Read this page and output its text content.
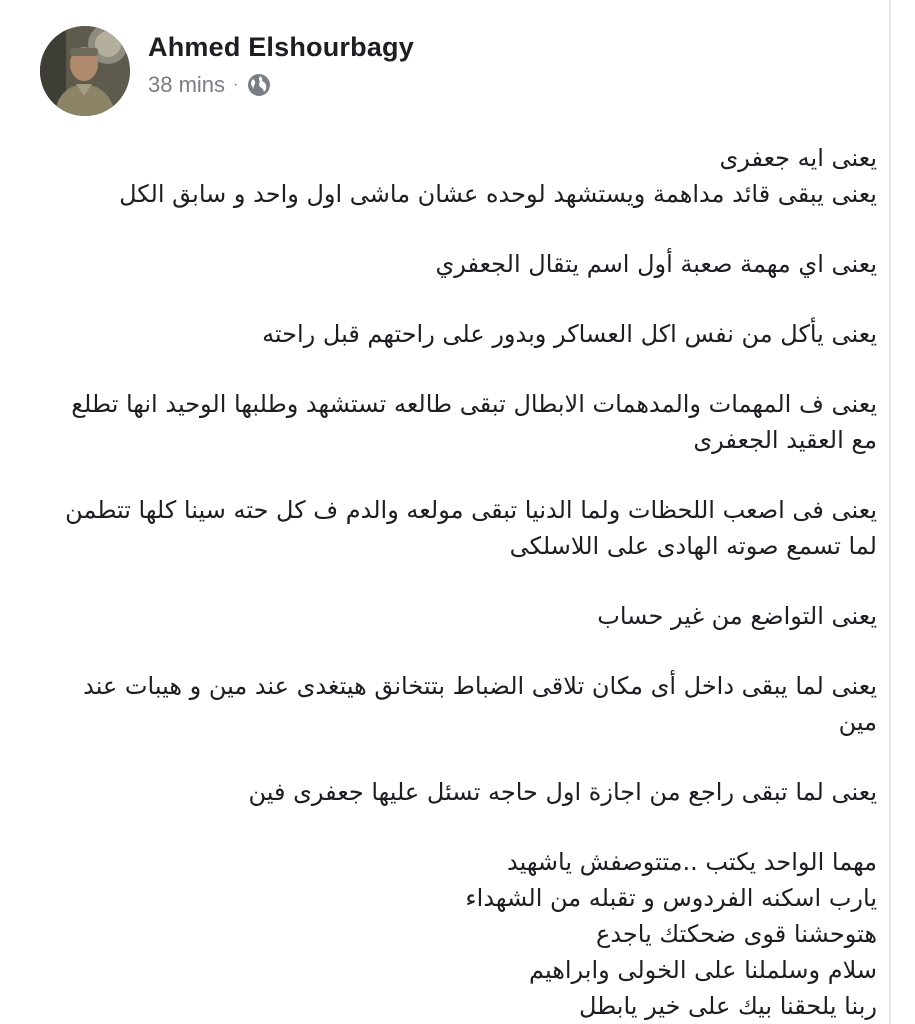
Ahmed Elshourbagy
38 mins ·
يعنى ايه جعفرى
يعنى يبقى قائد مداهمة ويستشهد لوحده عشان ماشى اول واحد و سابق الكل
يعنى اي مهمة صعبة أول اسم يتقال الجعفري
يعنى يأكل من نفس اكل العساكر وبدور على راحتهم قبل راحته
يعنى ف المهمات والمدهمات الابطال تبقى طالعه تستشهد وطلبها الوحيد انها تطلع مع العقيد الجعفرى
يعنى فى اصعب اللحظات ولما الدنيا تبقى مولعه والدم ف كل حته سينا كلها تتطمن لما تسمع صوته الهادى على اللاسلكى
يعنى التواضع من غير حساب
يعنى لما يبقى داخل أى مكان تلاقى الضباط بتتخانق هيتغدى عند مين و هيبات عند مين
يعنى لما تبقى راجع من اجازة اول حاجه تسئل عليها جعفرى فين
مهما الواحد يكتب ..متتوصفش ياشهيد
يارب اسكنه الفردوس و تقبله من الشهداء
هتوحشنا قوى ضحكتك ياجدع
سلام وسلملنا على الخولى وابراهيم
ربنا يلحقنا بيك على خير يابطل
